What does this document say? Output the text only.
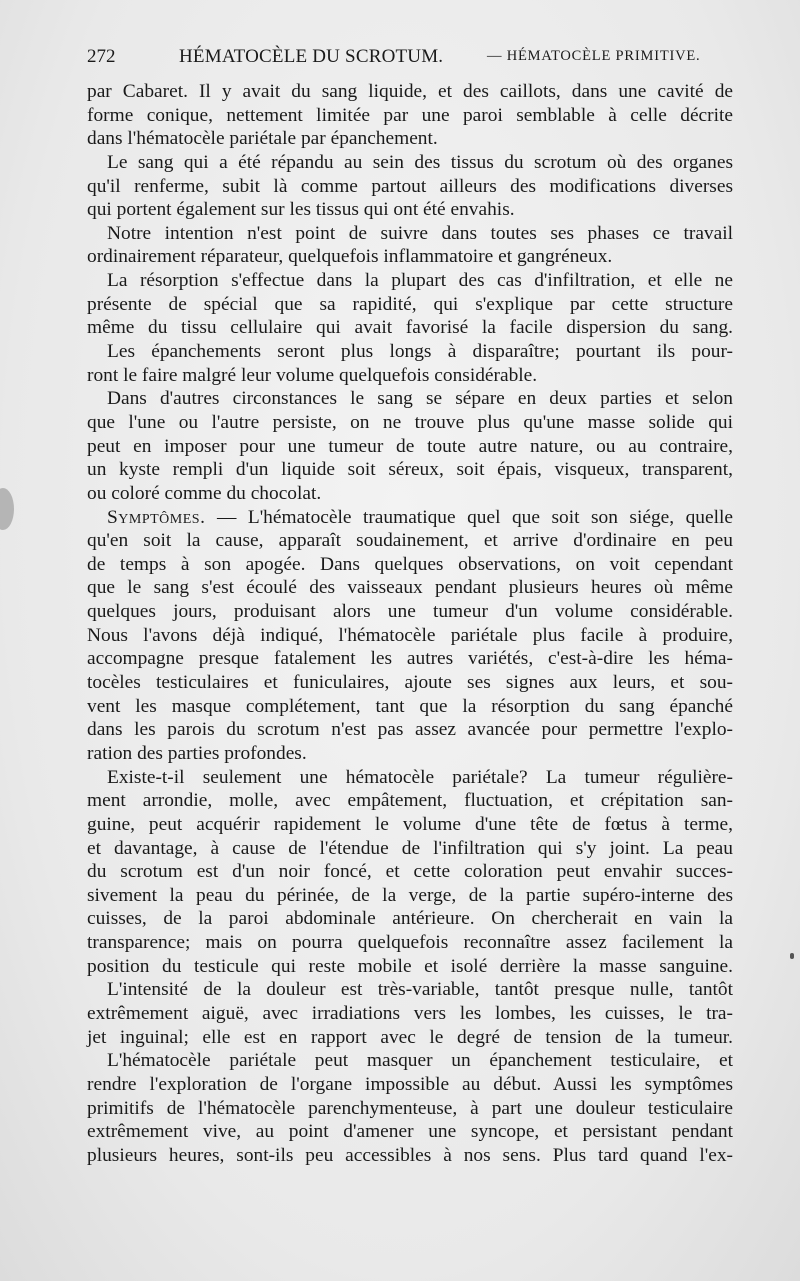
272	HÉMATOCÈLE DU SCROTUM.	— HÉMATOCÈLE PRIMITIVE.
par Cabaret. Il y avait du sang liquide, et des caillots, dans une cavité de
forme conique, nettement limitée par une paroi semblable à celle décrite
dans l'hématocèle pariétale par épanchement.
Le sang qui a été répandu au sein des tissus du scrotum où des organes
qu'il renferme, subit là comme partout ailleurs des modifications diverses
qui portent également sur les tissus qui ont été envahis.
Notre intention n'est point de suivre dans toutes ses phases ce travail
ordinairement réparateur, quelquefois inflammatoire et gangréneux.
La résorption s'effectue dans la plupart des cas d'infiltration, et elle ne
présente de spécial que sa rapidité, qui s'explique par cette structure
même du tissu cellulaire qui avait favorisé la facile dispersion du sang.
Les épanchements seront plus longs à disparaître; pourtant ils pour-
ront le faire malgré leur volume quelquefois considérable.
Dans d'autres circonstances le sang se sépare en deux parties et selon
que l'une ou l'autre persiste, on ne trouve plus qu'une masse solide qui
peut en imposer pour une tumeur de toute autre nature, ou au contraire,
un kyste rempli d'un liquide soit séreux, soit épais, visqueux, transparent,
ou coloré comme du chocolat.
Symptômes. — L'hématocèle traumatique quel que soit son siége, quelle
qu'en soit la cause, apparaît soudainement, et arrive d'ordinaire en peu
de temps à son apogée. Dans quelques observations, on voit cependant
que le sang s'est écoulé des vaisseaux pendant plusieurs heures où même
quelques jours, produisant alors une tumeur d'un volume considérable.
Nous l'avons déjà indiqué, l'hématocèle pariétale plus facile à produire,
accompagne presque fatalement les autres variétés, c'est-à-dire les héma-
tocèles testiculaires et funiculaires, ajoute ses signes aux leurs, et sou-
vent les masque complétement, tant que la résorption du sang épanché
dans les parois du scrotum n'est pas assez avancée pour permettre l'explo-
ration des parties profondes.
Existe-t-il seulement une hématocèle pariétale? La tumeur régulière-
ment arrondie, molle, avec empâtement, fluctuation, et crépitation san-
guine, peut acquérir rapidement le volume d'une tête de fœtus à terme,
et davantage, à cause de l'étendue de l'infiltration qui s'y joint. La peau
du scrotum est d'un noir foncé, et cette coloration peut envahir succes-
sivement la peau du périnée, de la verge, de la partie supéro-interne des
cuisses, de la paroi abdominale antérieure. On chercherait en vain la
transparence; mais on pourra quelquefois reconnaître assez facilement la
position du testicule qui reste mobile et isolé derrière la masse sanguine.
L'intensité de la douleur est très-variable, tantôt presque nulle, tantôt
extrêmement aiguë, avec irradiations vers les lombes, les cuisses, le tra-
jet inguinal; elle est en rapport avec le degré de tension de la tumeur.
L'hématocèle pariétale peut masquer un épanchement testiculaire, et
rendre l'exploration de l'organe impossible au début. Aussi les symptômes
primitifs de l'hématocèle parenchymenteuse, à part une douleur testiculaire
extrêmement vive, au point d'amener une syncope, et persistant pendant
plusieurs heures, sont-ils peu accessibles à nos sens. Plus tard quand l'ex-
